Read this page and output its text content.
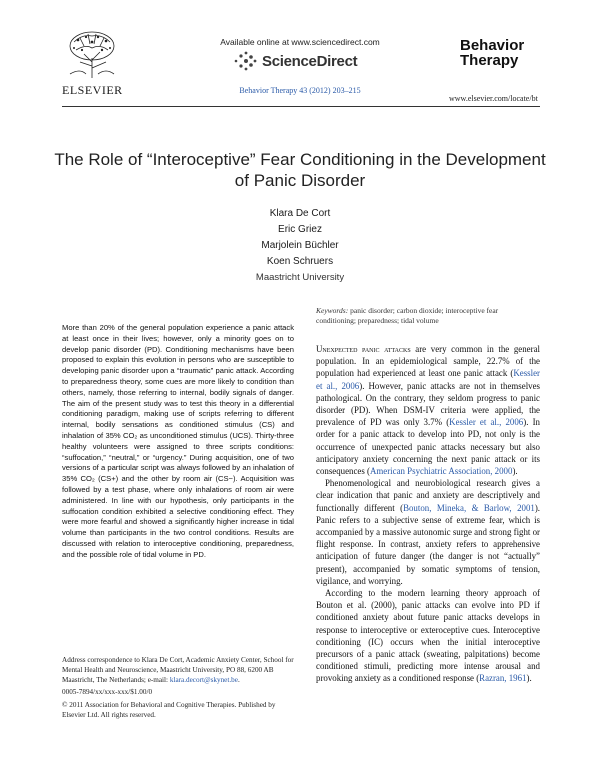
ELSEVIER
Available online at www.sciencedirect.com
ScienceDirect
Behavior Therapy 43 (2012) 203–215
Behavior
Therapy
www.elsevier.com/locate/bt
The Role of “Interoceptive” Fear Conditioning in the Development of Panic Disorder
Klara De Cort
Eric Griez
Marjolein Büchler
Koen Schruers
Maastricht University
Keywords: panic disorder; carbon dioxide; interoceptive fear conditioning; preparedness; tidal volume
More than 20% of the general population experience a panic attack at least once in their lives; however, only a minority goes on to develop panic disorder (PD). Conditioning mechanisms have been proposed to explain this evolution in persons who are susceptible to developing panic disorder upon a “traumatic” panic attack. According to preparedness theory, some cues are more likely to condition than others, namely, those referring to internal, bodily signals of danger. The aim of the present study was to test this theory in a differential conditioning paradigm, making use of scripts referring to different internal, bodily sensations as conditioned stimulus (CS) and inhalation of 35% CO₂ as unconditioned stimulus (UCS). Thirty-three healthy volunteers were assigned to three scripts conditions: “suffocation,” “neutral,” or “urgency.” During acquisition, one of two versions of a particular script was always followed by an inhalation of 35% CO₂ (CS+) and the other by room air (CS−). Acquisition was followed by a test phase, where only inhalations of room air were administered. In line with our hypothesis, only participants in the suffocation condition exhibited a selective conditioning effect. They were more fearful and showed a significantly higher increase in tidal volume than participants in the two control conditions. Results are discussed with relation to interoceptive conditioning, preparedness, and the possible role of tidal volume in PD.

Unexpected panic attacks are very common in the general population. In an epidemiological sample, 22.7% of the population had experienced at least one panic attack (Kessler et al., 2006). However, panic attacks are not in themselves pathological. On the contrary, they seldom progress to panic disorder (PD). When DSM-IV criteria were applied, the prevalence of PD was only 3.7% (Kessler et al., 2006). In order for a panic attack to develop into PD, not only is the occurrence of unexpected panic attacks necessary but also anticipatory anxiety concerning the next panic attack or its consequences (American Psychiatric Association, 2000).

Phenomenological and neurobiological research gives a clear indication that panic and anxiety are descriptively and functionally different (Bouton, Mineka, & Barlow, 2001). Panic refers to a subjective sense of extreme fear, which is accompanied by a massive autonomic surge and strong fight or flight response. In contrast, anxiety refers to apprehensive anticipation of future danger (the danger is not “actually” present), accompanied by somatic symptoms of tension, vigilance, and worrying.

According to the modern learning theory approach of Bouton et al. (2000), panic attacks can evolve into PD if conditioned anxiety about future panic attacks develops in response to interoceptive or exteroceptive cues. Interoceptive conditioning (IC) occurs when the initial interoceptive precursors of a panic attack (sweating, palpitations) become conditioned stimuli, predicting more intense arousal and provoking anxiety as a conditioned response (Razran, 1961).

Address correspondence to Klara De Cort, Academic Anxiety Center, School for Mental Health and Neuroscience, Maastricht University, PO 88, 6200 AB Maastricht, The Netherlands; e-mail: klara.decort@skynet.be.

0005-7894/xx/xxx-xxx/$1.00/0

© 2011 Association for Behavioral and Cognitive Therapies. Published by Elsevier Ltd. All rights reserved.
